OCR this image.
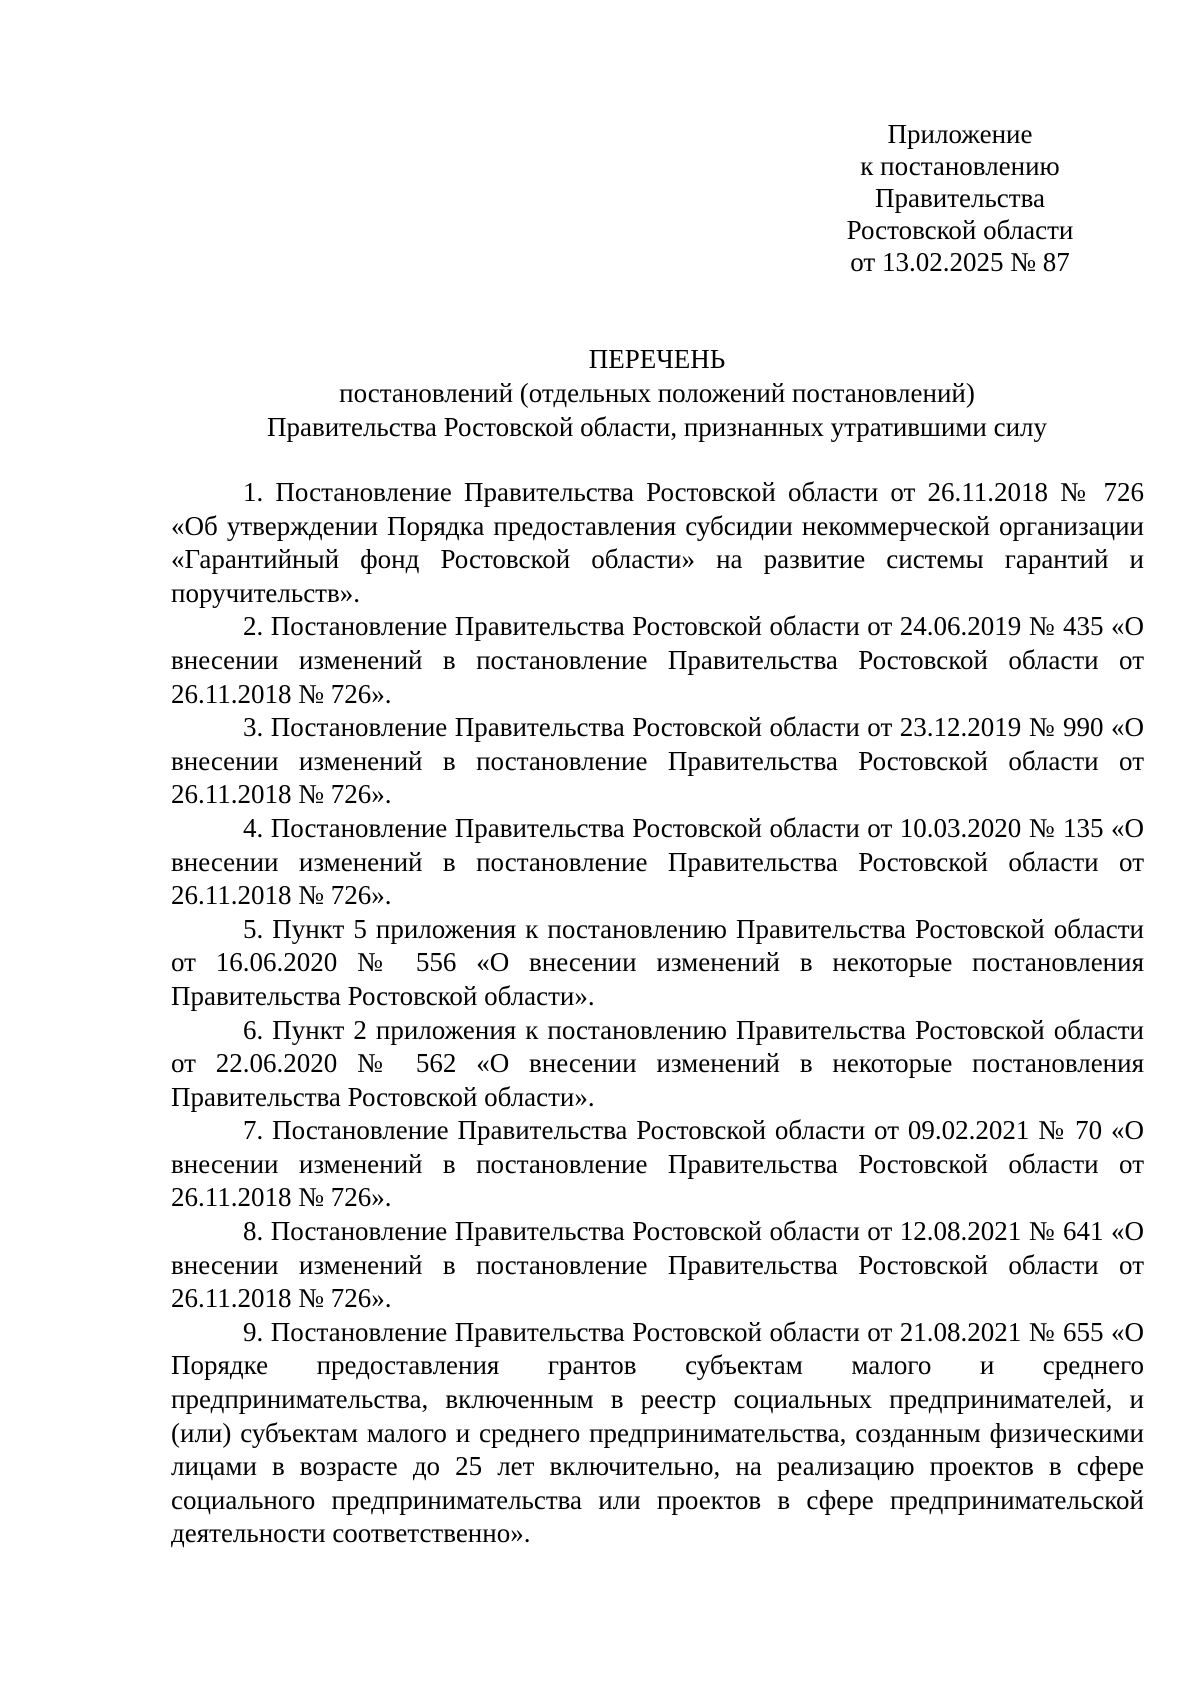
Приложение
к постановлению
Правительства
Ростовской области
от 13.02.2025 № 87
ПЕРЕЧЕНЬ
постановлений (отдельных положений постановлений)
Правительства Ростовской области, признанных утратившими силу

1. Постановление Правительства Ростовской области от 26.11.2018 № 726 «Об утверждении Порядка предоставления субсидии некоммерческой организации «Гарантийный фонд Ростовской области» на развитие системы гарантий и поручительств».

2. Постановление Правительства Ростовской области от 24.06.2019 № 435 «О внесении изменений в постановление Правительства Ростовской области от 26.11.2018 № 726».

3. Постановление Правительства Ростовской области от 23.12.2019 № 990 «О внесении изменений в постановление Правительства Ростовской области от 26.11.2018 № 726».

4. Постановление Правительства Ростовской области от 10.03.2020 № 135 «О внесении изменений в постановление Правительства Ростовской области от 26.11.2018 № 726».

5. Пункт 5 приложения к постановлению Правительства Ростовской области от 16.06.2020 № 556 «О внесении изменений в некоторые постановления Правительства Ростовской области».

6. Пункт 2 приложения к постановлению Правительства Ростовской области от 22.06.2020 № 562 «О внесении изменений в некоторые постановления Правительства Ростовской области».

7. Постановление Правительства Ростовской области от 09.02.2021 № 70 «О внесении изменений в постановление Правительства Ростовской области от 26.11.2018 № 726».

8. Постановление Правительства Ростовской области от 12.08.2021 № 641 «О внесении изменений в постановление Правительства Ростовской области от 26.11.2018 № 726».

9. Постановление Правительства Ростовской области от 21.08.2021 № 655 «О Порядке предоставления грантов субъектам малого и среднего предпринимательства, включенным в реестр социальных предпринимателей, и (или) субъектам малого и среднего предпринимательства, созданным физическими лицами в возрасте до 25 лет включительно, на реализацию проектов в сфере социального предпринимательства или проектов в сфере предпринимательской деятельности соответственно».
